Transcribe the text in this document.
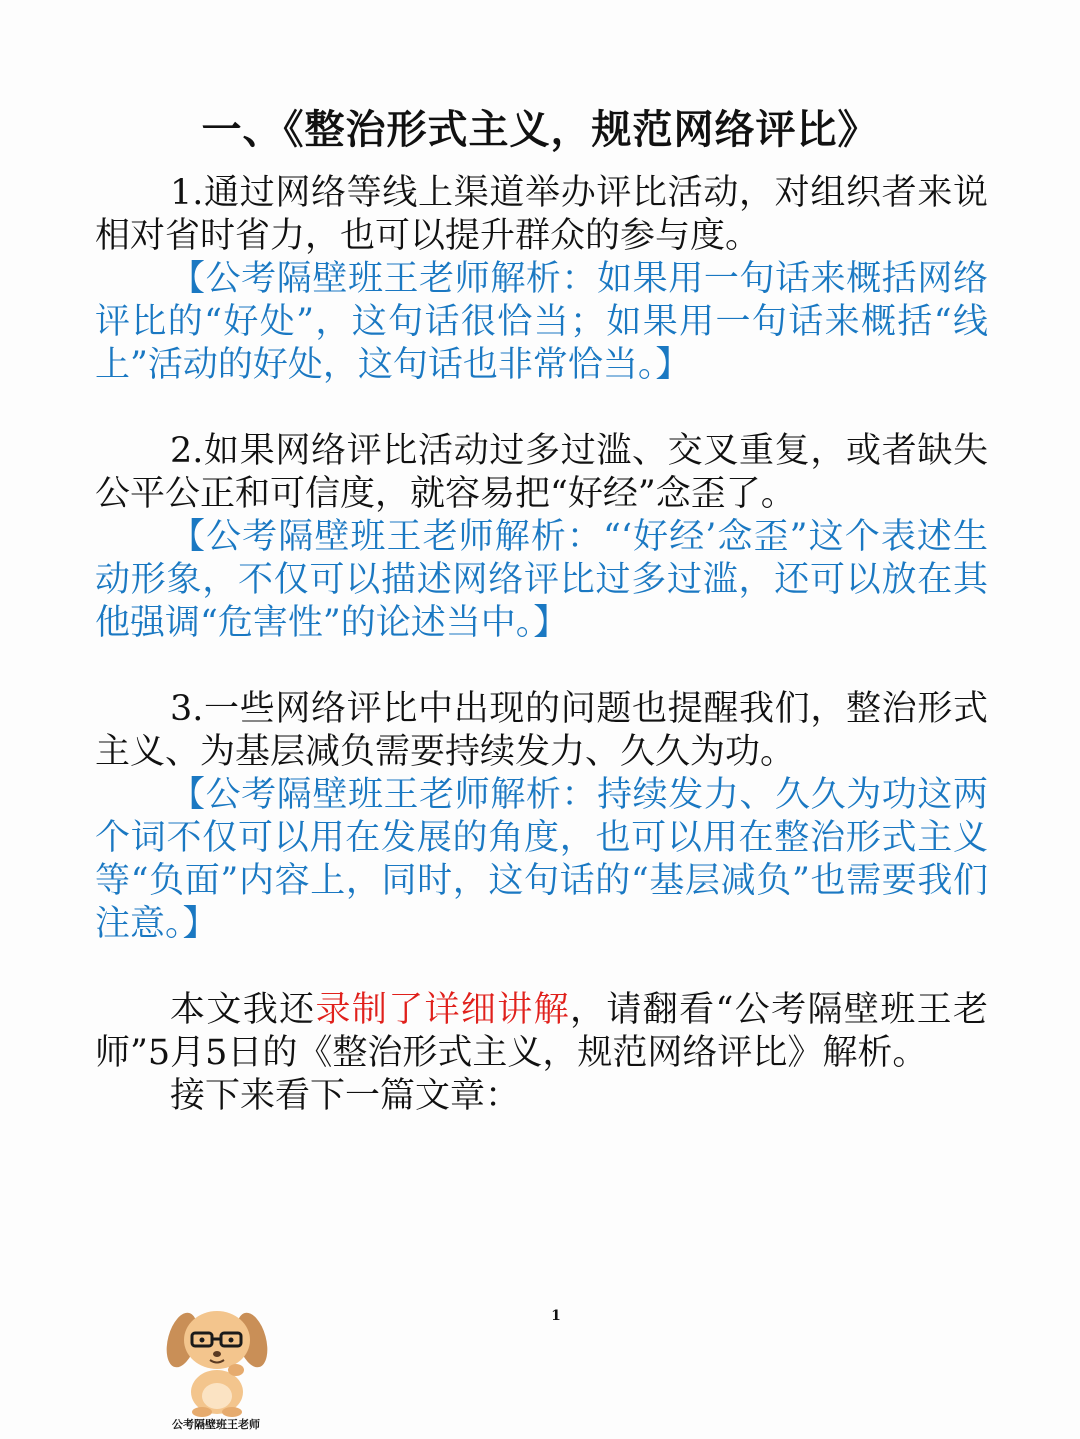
一、《整治形式主义，规范网络评比》

1.通过网络等线上渠道举办评比活动，对组织者来说相对省时省力，也可以提升群众的参与度。

【公考隔壁班王老师解析：如果用一句话来概括网络评比的“好处”，这句话很恰当；如果用一句话来概括“线上”活动的好处，这句话也非常恰当。】

2.如果网络评比活动过多过滥、交叉重复，或者缺失公平公正和可信度，就容易把“好经”念歪了。

【公考隔壁班王老师解析：“‘好经’念歪”这个表述生动形象，不仅可以描述网络评比过多过滥，还可以放在其他强调“危害性”的论述当中。】

3.一些网络评比中出现的问题也提醒我们，整治形式主义、为基层减负需要持续发力、久久为功。

【公考隔壁班王老师解析：持续发力、久久为功这两个词不仅可以用在发展的角度，也可以用在整治形式主义等“负面”内容上，同时，这句话的“基层减负”也需要我们注意。】

本文我还录制了详细讲解，请翻看“公考隔壁班王老师”5月5日的《整治形式主义，规范网络评比》解析。

接下来看下一篇文章：

1
公考隔壁班王老师
